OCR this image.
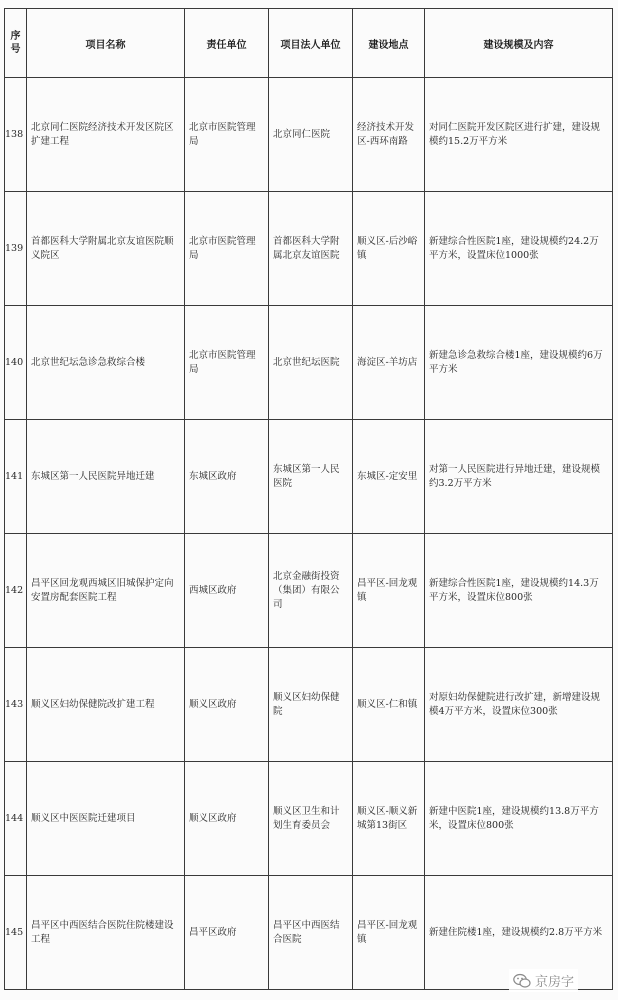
序
号	项目名称	责任单位	项目法人单位	建设地点	建设规模及内容

138	北京同仁医院经济技术开发区院区扩建工程	北京市医院管理局	北京同仁医院	经济技术开发区-西环南路	对同仁医院开发区院区进行扩建，建设规模约15.2万平方米

139	首都医科大学附属北京友谊医院顺义院区	北京市医院管理局	首都医科大学附属北京友谊医院	顺义区-后沙峪镇	新建综合性医院1座，建设规模约24.2万平方米，设置床位1000张

140	北京世纪坛急诊急救综合楼	北京市医院管理局	北京世纪坛医院	海淀区-羊坊店	新建急诊急救综合楼1座，建设规模约6万平方米

141	东城区第一人民医院异地迁建	东城区政府	东城区第一人民医院	东城区-定安里	对第一人民医院进行异地迁建，建设规模约3.2万平方米

142	昌平区回龙观西城区旧城保护定向安置房配套医院工程	西城区政府	北京金融街投资（集团）有限公司	昌平区-回龙观镇	新建综合性医院1座，建设规模约14.3万平方米，设置床位800张

143	顺义区妇幼保健院改扩建工程	顺义区政府	顺义区妇幼保健院	顺义区-仁和镇	对原妇幼保健院进行改扩建，新增建设规模4万平方米，设置床位300张

144	顺义区中医医院迁建项目	顺义区政府	顺义区卫生和计划生育委员会	顺义区-顺义新城第13街区	新建中医院1座，建设规模约13.8万平方米，设置床位800张

145	昌平区中西医结合医院住院楼建设工程	昌平区政府	昌平区中西医结合医院	昌平区-回龙观镇	新建住院楼1座，建设规模约2.8万平方米
京房字
